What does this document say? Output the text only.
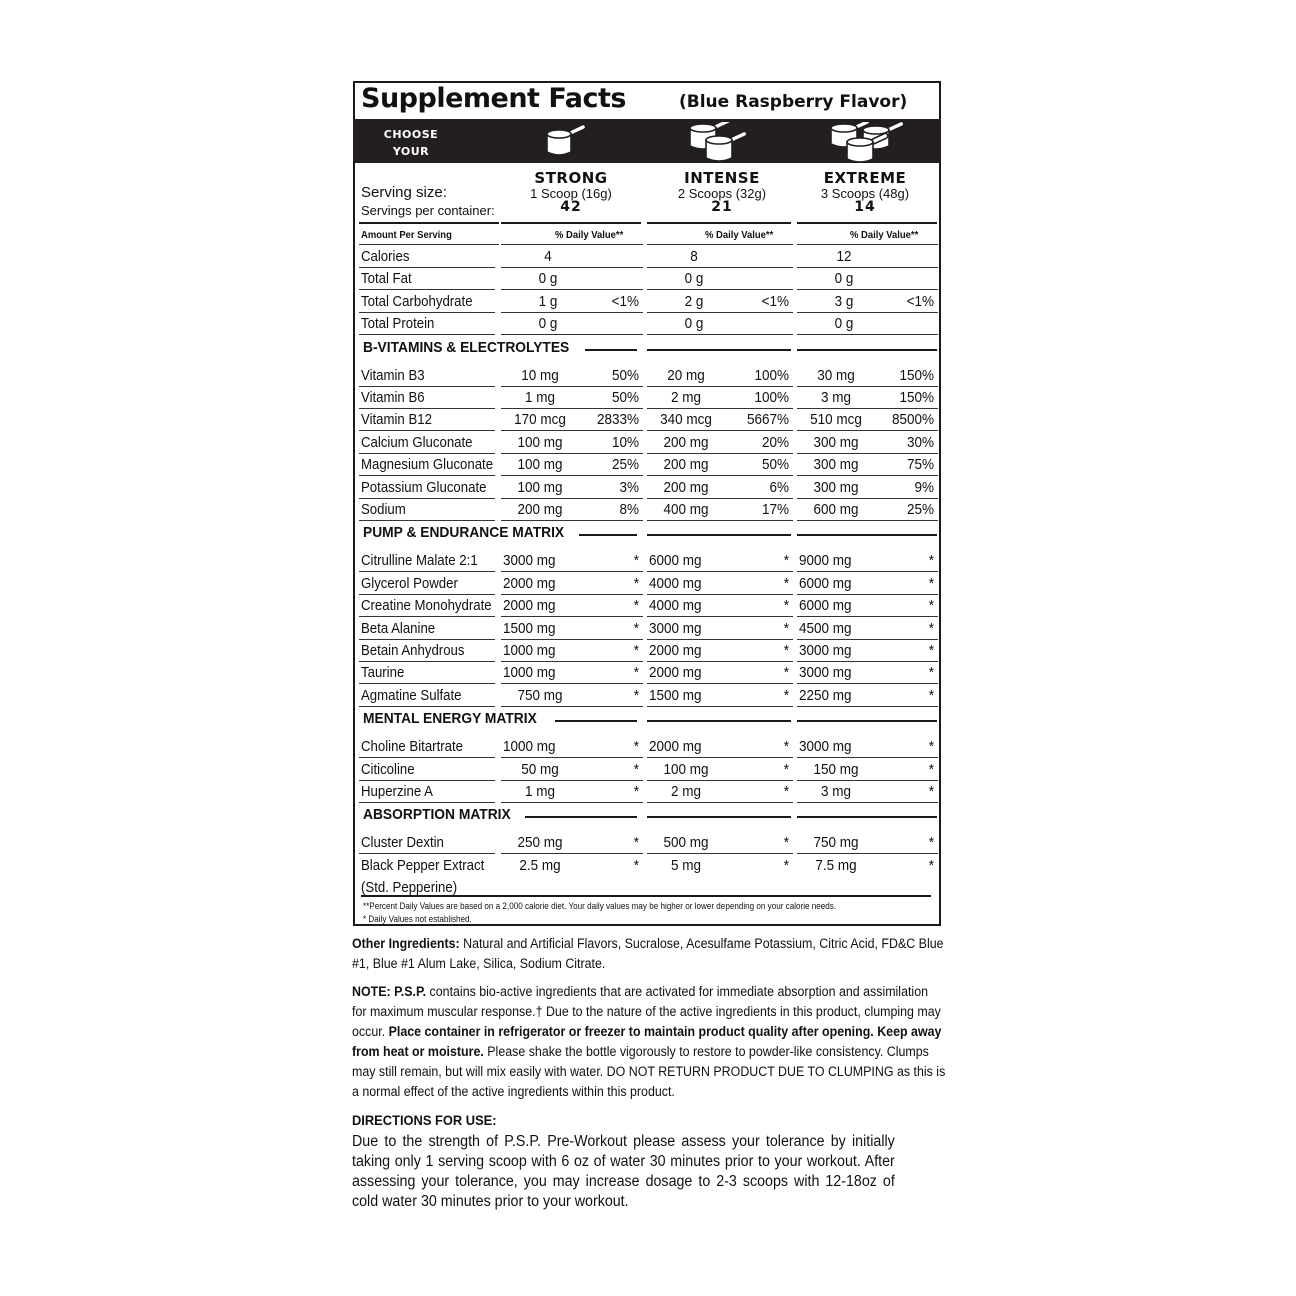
Supplement Facts	(Blue Raspberry Flavor)
CHOOSE YOUR
STRENGTH
Serving size:
Servings per container:
STRONG
1 Scoop (16g)
42
INTENSE
2 Scoops (32g)
21
EXTREME
3 Scoops (48g)
14
Amount Per Serving	% Daily Value**	% Daily Value**	% Daily Value**
Calories	4	8	12
Total Fat	0 g	0 g	0 g
Total Carbohydrate	1 g	<1%	2 g	<1%	3 g	<1%
Total Protein	0 g	0 g	0 g
B-VITAMINS & ELECTROLYTES
Vitamin B3	10 mg	50%	20 mg	100%	30 mg	150%
Vitamin B6	1 mg	50%	2 mg	100%	3 mg	150%
Vitamin B12	170 mcg	2833% 340 mcg	5667% 510 mcg	8500%
Calcium Gluconate	100 mg	10%	200 mg	20%	300 mg	30%
Magnesium Gluconate	100 mg	25%	200 mg	50%	300 mg	75%
Potassium Gluconate	100 mg	3%	200 mg	6%	300 mg	9%
Sodium	200 mg	8%	400 mg	17%	600 mg	25%
PUMP & ENDURANCE MATRIX
Citrulline Malate 2:1 3000 mg	* 6000 mg	* 9000 mg	*
Glycerol Powder	2000 mg	* 4000 mg	* 6000 mg	*
Creatine Monohydrate 2000 mg	* 4000 mg	* 6000 mg	*
Beta Alanine	1500 mg	* 3000 mg	* 4500 mg	*
Betain Anhydrous	1000 mg	* 2000 mg	* 3000 mg	*
Taurine	1000 mg	* 2000 mg	* 3000 mg	*
Agmatine Sulfate	750 mg	* 1500 mg	* 2250 mg	*
MENTAL ENERGY MATRIX
Choline Bitartrate	1000 mg	* 2000 mg	* 3000 mg	*
Citicoline	50 mg	*	100 mg	*	150 mg	*
Huperzine A	1 mg	*	2 mg	*	3 mg	*
ABSORPTION MATRIX
Cluster Dextin	250 mg	*	500 mg	*	750 mg	*
Black Pepper Extract	2.5 mg	*	5 mg	*	7.5 mg	*
(Std. Pepperine)
**Percent Daily Values are based on a 2,000 calorie diet. Your daily values may be higher or lower depending on your calorie needs.
* Daily Values not established.
Other Ingredients: Natural and Artificial Flavors, Sucralose, Acesulfame Potassium, Citric Acid, FD&C Blue #1, Blue #1 Alum Lake, Silica, Sodium Citrate.
NOTE: P.S.P. contains bio-active ingredients that are activated for immediate absorption and assimilation for maximum muscular response.† Due to the nature of the active ingredients in this product, clumping may occur. Place container in refrigerator or freezer to maintain product quality after opening. Keep away from heat or moisture. Please shake the bottle vigorously to restore to powder-like consistency. Clumps may still remain, but will mix easily with water. DO NOT RETURN PRODUCT DUE TO CLUMPING as this is a normal effect of the active ingredients within this product.
DIRECTIONS FOR USE:
Due to the strength of P.S.P. Pre-Workout please assess your tolerance by initially taking only 1 serving scoop with 6 oz of water 30 minutes prior to your workout. After assessing your tolerance, you may increase dosage to 2-3 scoops with 12-18oz of cold water 30 minutes prior to your workout.
